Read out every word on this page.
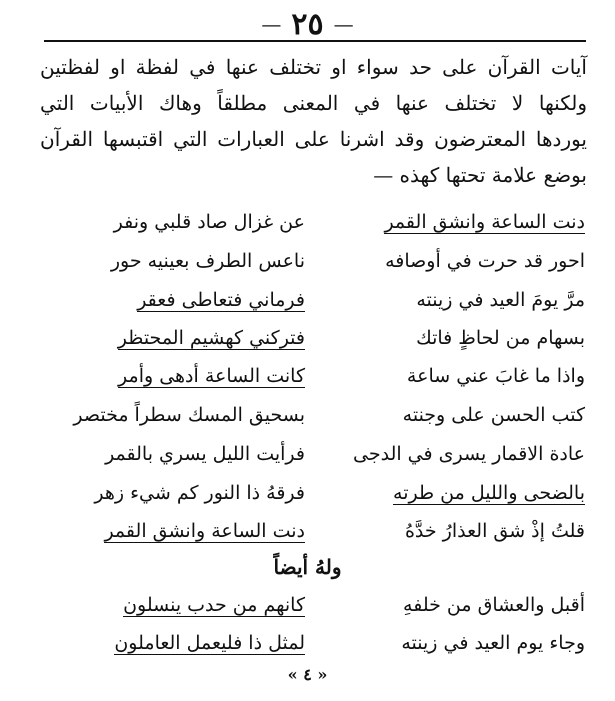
—
٢٥
—
آيات القرآن على حد سواء او تختلف عنها في لفظة او لفظتين
ولكنها لا تختلف عنها في المعنى مطلقاً وهاك الأبيات التي
يوردها المعترضون وقد اشرنا على العبارات التي اقتبسها القرآن
بوضع علامة تحتها كهذه —
دنت الساعة وانشق القمر
عن غزال صاد قلبي ونفر
احور قد حرت في أوصافه
ناعس الطرف بعينيه حور
مرَّ يومَ العيد في زينته
فرماني فتعاطى فعقر
بسهام من لحاظٍ فاتك
فتركني كهشيم المحتظر
واذا ما غابَ عني ساعة
كانت الساعة أدهى وأمر
كتب الحسن على وجنته
بسحيق المسك سطراً مختصر
عادة الاقمار يسرى في الدجى
فرأيت الليل يسري بالقمر
بالضحى والليل من طرته
فرقهُ ذا النور كم شيء زهر
قلتُ إذْ شق العذارُ خدَّهُ
دنت الساعة وانشق القمر
ولهُ أيضاً
أقبل والعشاق من خلفهِ
كانهم من حدب ينسلون
وجاء يوم العيد في زينته
لمثل ذا فليعمل العاملون
« ٤ »
